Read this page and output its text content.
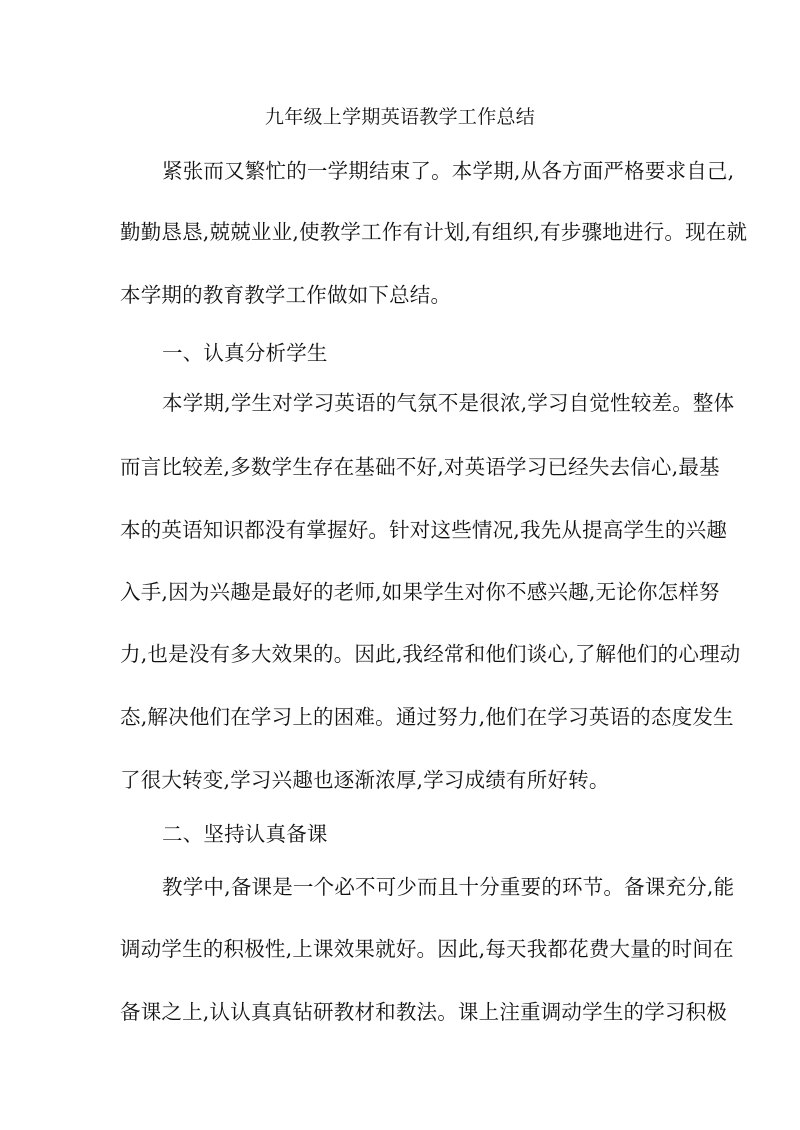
九年级上学期英语教学工作总结
紧张而又繁忙的一学期结束了。本学期,从各方面严格要求自己,
勤勤恳恳,兢兢业业,使教学工作有计划,有组织,有步骤地进行。现在就
本学期的教育教学工作做如下总结。
一、认真分析学生
本学期,学生对学习英语的气氛不是很浓,学习自觉性较差。整体
而言比较差,多数学生存在基础不好,对英语学习已经失去信心,最基
本的英语知识都没有掌握好。针对这些情况,我先从提高学生的兴趣
入手,因为兴趣是最好的老师,如果学生对你不感兴趣,无论你怎样努
力,也是没有多大效果的。因此,我经常和他们谈心,了解他们的心理动
态,解决他们在学习上的困难。通过努力,他们在学习英语的态度发生
了很大转变,学习兴趣也逐渐浓厚,学习成绩有所好转。
二、坚持认真备课
教学中,备课是一个必不可少而且十分重要的环节。备课充分,能
调动学生的积极性,上课效果就好。因此,每天我都花费大量的时间在
备课之上,认认真真钻研教材和教法。课上注重调动学生的学习积极
